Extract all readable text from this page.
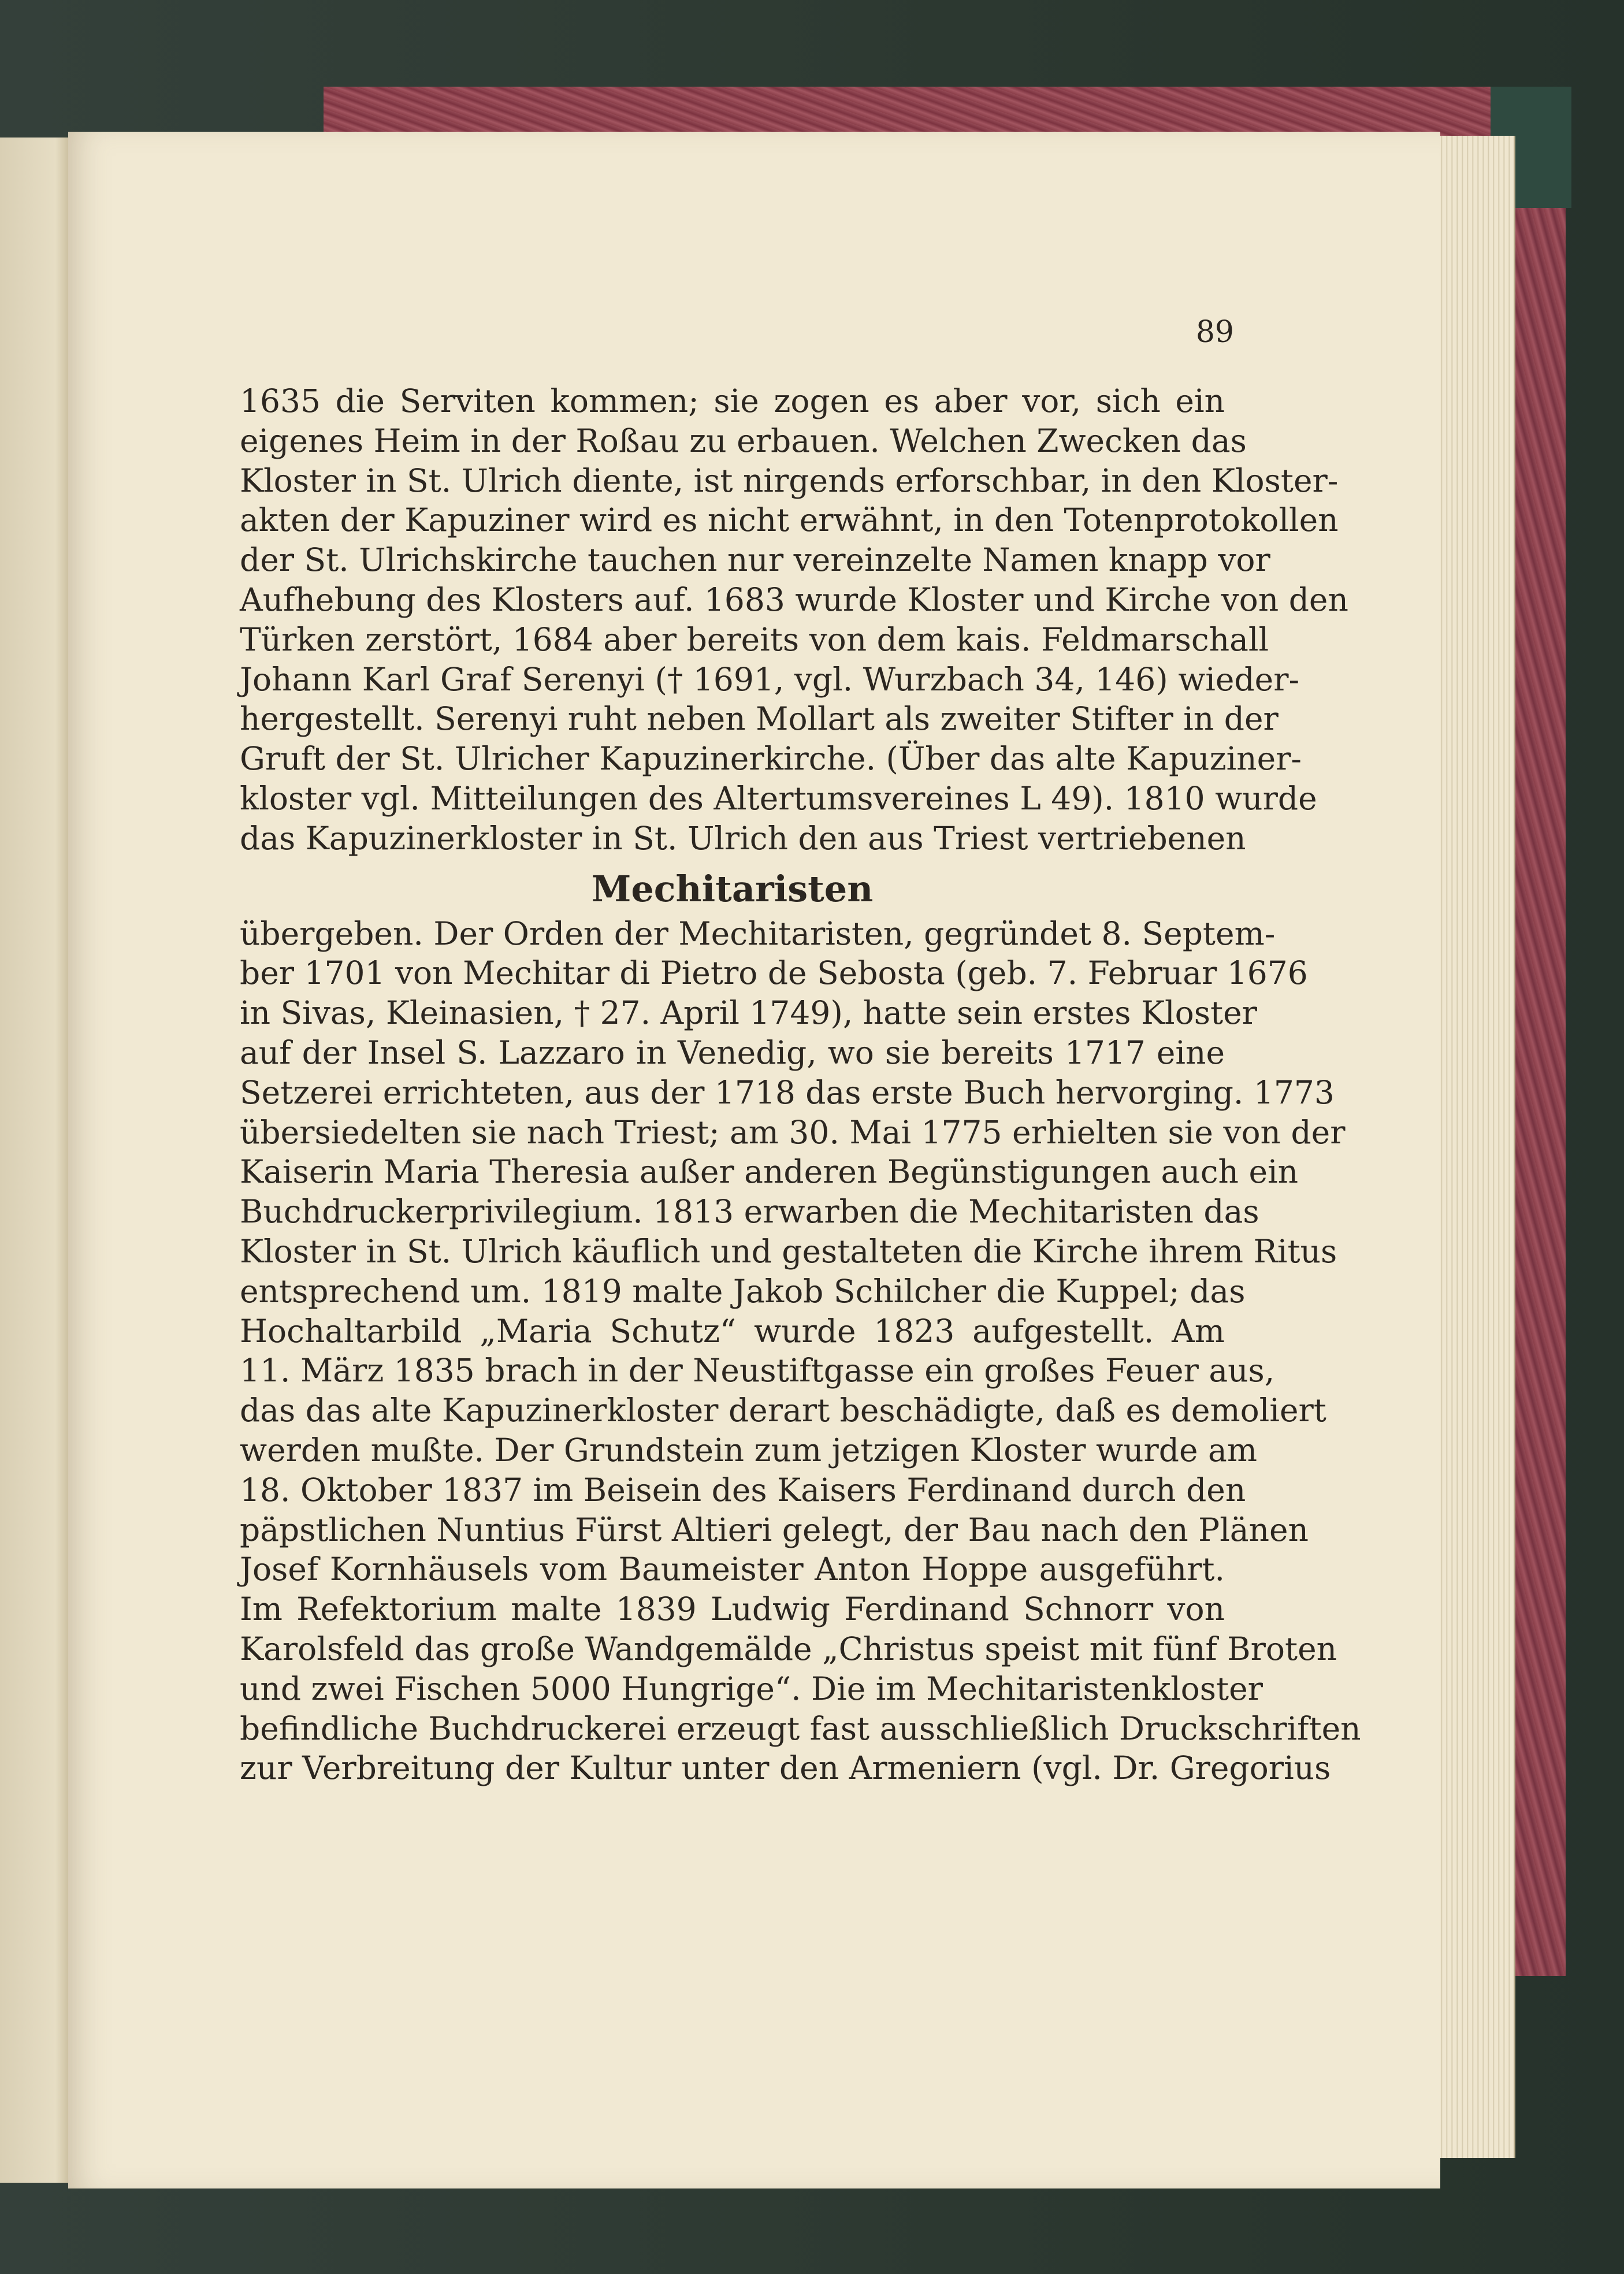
89
1635 die Serviten kommen; sie zogen es aber vor, sich ein
eigenes Heim in der Roßau zu erbauen. Welchen Zwecken das
Kloster in St. Ulrich diente, ist nirgends erforschbar, in den Kloster-
akten der Kapuziner wird es nicht erwähnt, in den Totenprotokollen
der St. Ulrichskirche tauchen nur vereinzelte Namen knapp vor
Aufhebung des Klosters auf. 1683 wurde Kloster und Kirche von den
Türken zerstört, 1684 aber bereits von dem kais. Feldmarschall
Johann Karl Graf Serenyi († 1691, vgl. Wurzbach 34, 146) wieder-
hergestellt. Serenyi ruht neben Mollart als zweiter Stifter in der
Gruft der St. Ulricher Kapuzinerkirche. (Über das alte Kapuziner-
kloster vgl. Mitteilungen des Altertumsvereines L 49). 1810 wurde
das Kapuzinerkloster in St. Ulrich den aus Triest vertriebenen
Mechitaristen
übergeben. Der Orden der Mechitaristen, gegründet 8. Septem-
ber 1701 von Mechitar di Pietro de Sebosta (geb. 7. Februar 1676
in Sivas, Kleinasien, † 27. April 1749), hatte sein erstes Kloster
auf der Insel S. Lazzaro in Venedig, wo sie bereits 1717 eine
Setzerei errichteten, aus der 1718 das erste Buch hervorging. 1773
übersiedelten sie nach Triest; am 30. Mai 1775 erhielten sie von der
Kaiserin Maria Theresia außer anderen Begünstigungen auch ein
Buchdruckerprivilegium. 1813 erwarben die Mechitaristen das
Kloster in St. Ulrich käuflich und gestalteten die Kirche ihrem Ritus
entsprechend um. 1819 malte Jakob Schilcher die Kuppel; das
Hochaltarbild „Maria Schutz“ wurde 1823 aufgestellt. Am
11. März 1835 brach in der Neustiftgasse ein großes Feuer aus,
das das alte Kapuzinerkloster derart beschädigte, daß es demoliert
werden mußte. Der Grundstein zum jetzigen Kloster wurde am
18. Oktober 1837 im Beisein des Kaisers Ferdinand durch den
päpstlichen Nuntius Fürst Altieri gelegt, der Bau nach den Plänen
Josef Kornhäusels vom Baumeister Anton Hoppe ausgeführt.
Im Refektorium malte 1839 Ludwig Ferdinand Schnorr von
Karolsfeld das große Wandgemälde „Christus speist mit fünf Broten
und zwei Fischen 5000 Hungrige“. Die im Mechitaristenkloster
befindliche Buchdruckerei erzeugt fast ausschließlich Druckschriften
zur Verbreitung der Kultur unter den Armeniern (vgl. Dr. Gregorius
